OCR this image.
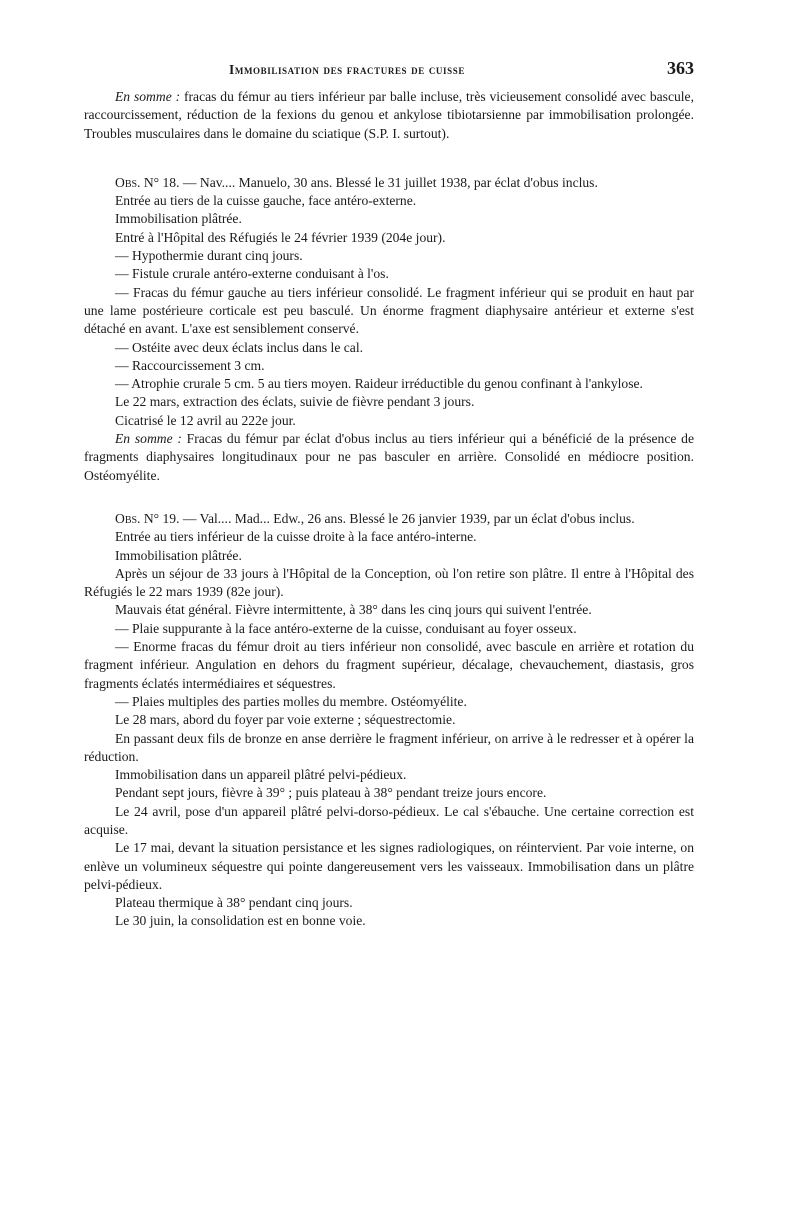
Immobilisation des fractures de cuisse	363

En somme : fracas du fémur au tiers inférieur par balle incluse, très vicieusement consolidé avec bascule, raccourcissement, réduction de la fexions du genou et ankylose tibiotarsienne par immobilisation prolongée. Troubles musculaires dans le domaine du sciatique (S.P. I. surtout).

Obs. N° 18. — Nav.... Manuelo, 30 ans. Blessé le 31 juillet 1938, par éclat d'obus inclus.

Entrée au tiers de la cuisse gauche, face antéro-externe.

Immobilisation plâtrée.

Entré à l'Hôpital des Réfugiés le 24 février 1939 (204e jour).

— Hypothermie durant cinq jours.

— Fistule crurale antéro-externe conduisant à l'os.

— Fracas du fémur gauche au tiers inférieur consolidé. Le fragment inférieur qui se produit en haut par une lame postérieure corticale est peu basculé. Un énorme fragment diaphysaire antérieur et externe s'est détaché en avant. L'axe est sensiblement conservé.

— Ostéite avec deux éclats inclus dans le cal.

— Raccourcissement 3 cm.

— Atrophie crurale 5 cm. 5 au tiers moyen. Raideur irréductible du genou confinant à l'ankylose.

Le 22 mars, extraction des éclats, suivie de fièvre pendant 3 jours.

Cicatrisé le 12 avril au 222e jour.

En somme : Fracas du fémur par éclat d'obus inclus au tiers inférieur qui a bénéficié de la présence de fragments diaphysaires longitudinaux pour ne pas basculer en arrière. Consolidé en médiocre position. Ostéomyélite.

Obs. N° 19. — Val.... Mad... Edw., 26 ans. Blessé le 26 janvier 1939, par un éclat d'obus inclus.

Entrée au tiers inférieur de la cuisse droite à la face antéro-interne.

Immobilisation plâtrée.

Après un séjour de 33 jours à l'Hôpital de la Conception, où l'on retire son plâtre. Il entre à l'Hôpital des Réfugiés le 22 mars 1939 (82e jour).

Mauvais état général. Fièvre intermittente, à 38° dans les cinq jours qui suivent l'entrée.

— Plaie suppurante à la face antéro-externe de la cuisse, conduisant au foyer osseux.

— Enorme fracas du fémur droit au tiers inférieur non consolidé, avec bascule en arrière et rotation du fragment inférieur. Angulation en dehors du fragment supérieur, décalage, chevauchement, diastasis, gros fragments éclatés intermédiaires et séquestres.

— Plaies multiples des parties molles du membre. Ostéomyélite.

Le 28 mars, abord du foyer par voie externe ; séquestrectomie.

En passant deux fils de bronze en anse derrière le fragment inférieur, on arrive à le redresser et à opérer la réduction.

Immobilisation dans un appareil plâtré pelvi-pédieux.

Pendant sept jours, fièvre à 39° ; puis plateau à 38° pendant treize jours encore.

Le 24 avril, pose d'un appareil plâtré pelvi-dorso-pédieux. Le cal s'ébauche. Une certaine correction est acquise.

Le 17 mai, devant la situation persistance et les signes radiologiques, on réintervient. Par voie interne, on enlève un volumineux séquestre qui pointe dangereusement vers les vaisseaux. Immobilisation dans un plâtre pelvi-pédieux.

Plateau thermique à 38° pendant cinq jours.

Le 30 juin, la consolidation est en bonne voie.
